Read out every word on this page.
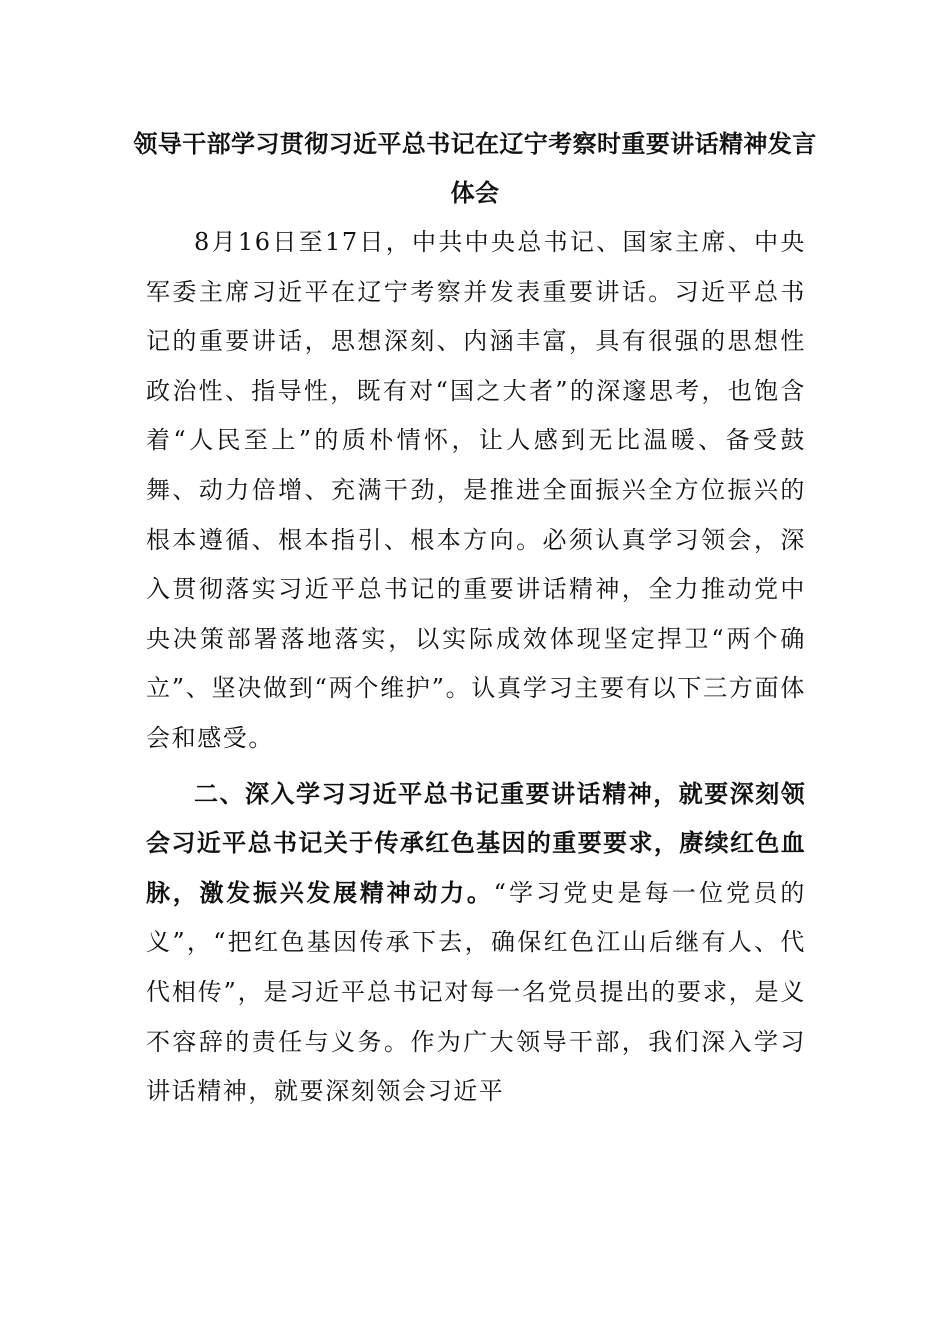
领导干部学习贯彻习近平总书记在辽宁考察时重要讲话精神发言体会

8月16日至17日，中共中央总书记、国家主席、中央军委主席习近平在辽宁考察并发表重要讲话。习近平总书记的重要讲话，思想深刻、内涵丰富，具有很强的思想性政治性、指导性，既有对“国之大者”的深邃思考，也饱含着“人民至上”的质朴情怀，让人感到无比温暖、备受鼓舞、动力倍增、充满干劲，是推进全面振兴全方位振兴的根本遵循、根本指引、根本方向。必须认真学习领会，深入贯彻落实习近平总书记的重要讲话精神，全力推动党中央决策部署落地落实，以实际成效体现坚定捍卫“两个确立”、坚决做到“两个维护”。认真学习主要有以下三方面体会和感受。

二、深入学习习近平总书记重要讲话精神，就要深刻领会习近平总书记关于传承红色基因的重要要求，赓续红色血脉，激发振兴发展精神动力。“学习党史是每一位党员的义”，“把红色基因传承下去，确保红色江山后继有人、代代相传”，是习近平总书记对每一名党员提出的要求，是义不容辞的责任与义务。作为广大领导干部，我们深入学习讲话精神，就要深刻领会习近平
